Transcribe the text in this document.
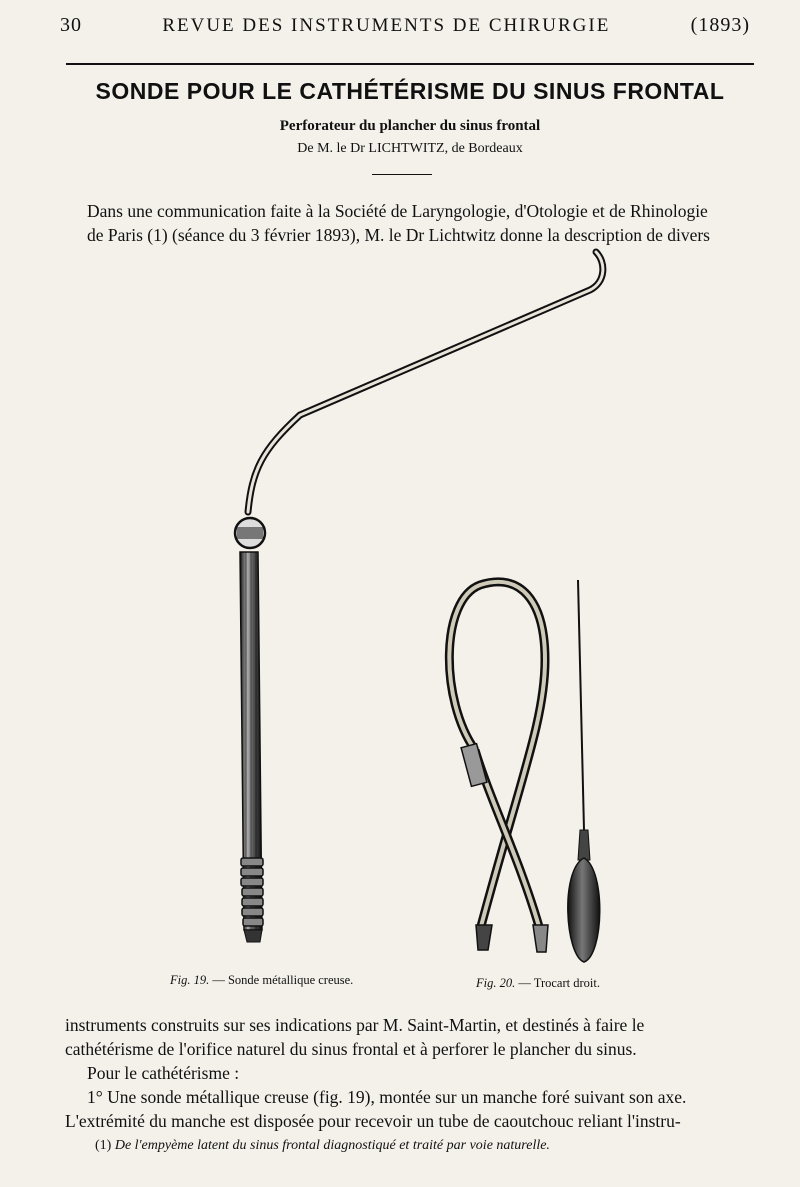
30	REVUE DES INSTRUMENTS DE CHIRURGIE	(1893)
SONDE POUR LE CATHÉTÉRISME DU SINUS FRONTAL
Perforateur du plancher du sinus frontal
De M. le Dr LICHTWITZ, de Bordeaux
Dans une communication faite à la Société de Laryngologie, d'Otologie et de Rhinologie
de Paris (1) (séance du 3 février 1893), M. le Dr Lichtwitz donne la description de divers
Fig. 19. — Sonde métallique creuse.	Fig. 20. — Trocart droit.
instruments construits sur ses indications par M. Saint-Martin, et destinés à faire le
cathétérisme de l'orifice naturel du sinus frontal et à perforer le plancher du sinus.
Pour le cathétérisme :
1° Une sonde métallique creuse (fig. 19), montée sur un manche foré suivant son axe.
L'extrémité du manche est disposée pour recevoir un tube de caoutchouc reliant l'instru-
(1) De l'empyème latent du sinus frontal diagnostiqué et traité par voie naturelle.
